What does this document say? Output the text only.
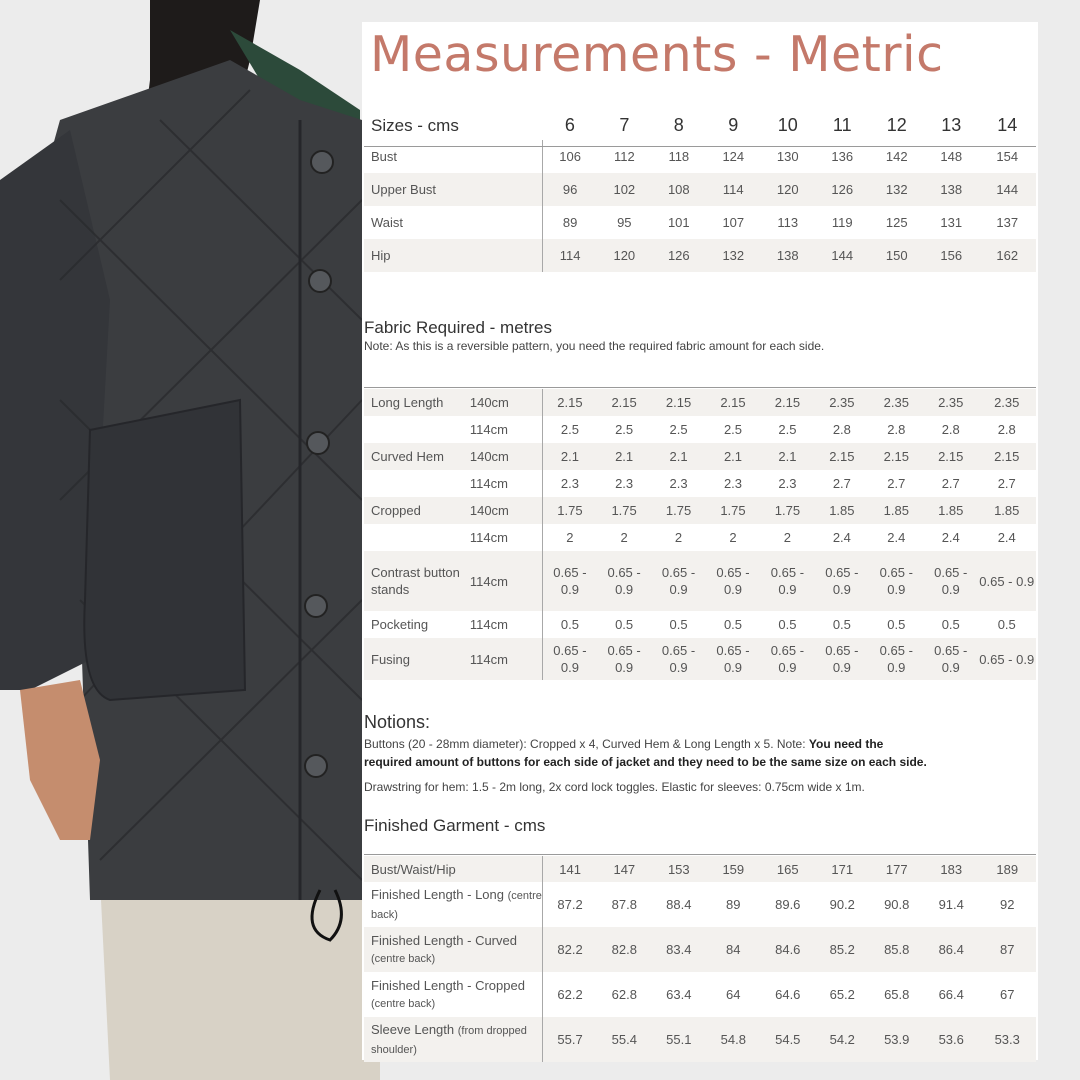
Measurements - Metric
Sizes - cms	6	7	8	9	10	11	12	13	14
Bust	106	112	118	124	130	136	142	148	154
Upper Bust	96	102	108	114	120	126	132	138	144
Waist	89	95	101	107	113	119	125	131	137
Hip	114	120	126	132	138	144	150	156	162
Fabric Required - metres
Note: As this is a reversible pattern, you need the required fabric amount for each side.
Long Length	140cm	2.15	2.15	2.15	2.15	2.15	2.35	2.35	2.35	2.35
	114cm	2.5	2.5	2.5	2.5	2.5	2.8	2.8	2.8	2.8
Curved Hem	140cm	2.1	2.1	2.1	2.1	2.1	2.15	2.15	2.15	2.15
	114cm	2.3	2.3	2.3	2.3	2.3	2.7	2.7	2.7	2.7
Cropped	140cm	1.75	1.75	1.75	1.75	1.75	1.85	1.85	1.85	1.85
	114cm	2	2	2	2	2	2.4	2.4	2.4	2.4
Contrast button stands	114cm	0.65 - 0.9	0.65 - 0.9	0.65 - 0.9	0.65 - 0.9	0.65 - 0.9	0.65 - 0.9	0.65 - 0.9	0.65 - 0.9	0.65 - 0.9
Pocketing	114cm	0.5	0.5	0.5	0.5	0.5	0.5	0.5	0.5	0.5
Fusing	114cm	0.65 - 0.9	0.65 - 0.9	0.65 - 0.9	0.65 - 0.9	0.65 - 0.9	0.65 - 0.9	0.65 - 0.9	0.65 - 0.9	0.65 - 0.9
Notions:
Buttons (20 - 28mm diameter): Cropped x 4, Curved Hem & Long Length x 5. Note: You need the
required amount of buttons for each side of jacket and they need to be the same size on each side.
Drawstring for hem: 1.5 - 2m long, 2x cord lock toggles. Elastic for sleeves: 0.75cm wide x 1m.
Finished Garment - cms
Bust/Waist/Hip	141	147	153	159	165	171	177	183	189
Finished Length - Long (centre back)	87.2	87.8	88.4	89	89.6	90.2	90.8	91.4	92
Finished Length - Curved (centre back)	82.2	82.8	83.4	84	84.6	85.2	85.8	86.4	87
Finished Length - Cropped (centre back)	62.2	62.8	63.4	64	64.6	65.2	65.8	66.4	67
Sleeve Length (from dropped shoulder)	55.7	55.4	55.1	54.8	54.5	54.2	53.9	53.6	53.3
